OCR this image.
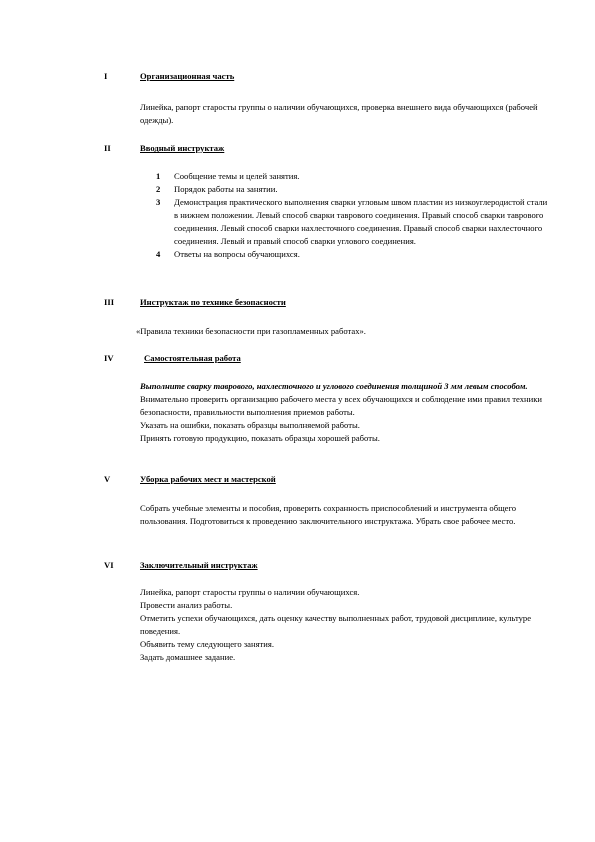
I	Организационная часть

Линейка, рапорт старосты группы о наличии обучающихся, проверка внешнего вида обучающихся (рабочей одежды).

II	Вводный инструктаж
1 Сообщение темы и целей занятия.
2 Порядок работы на занятии.
3 Демонстрация практического выполнения сварки угловым швом пластин из низкоуглеродистой стали в нижнем положении. Левый способ сварки таврового соединения. Правый способ сварки таврового соединения. Левый способ сварки нахлесточного соединения. Правый способ сварки нахлесточного соединения. Левый и правый способ сварки углового соединения.
4 Ответы на вопросы обучающихся.
III	Инструктаж по технике безопасности
«Правила техники безопасности при газопламенных работах».
IV	Самостоятельная работа

Выполните сварку таврового, нахлесточного и углового соединения толщиной 3 мм левым способом.

Внимательно проверить организацию рабочего места у всех обучающихся и соблюдение ими правил техники безопасности, правильности выполнения приемов работы.

Указать на ошибки, показать образцы выполняемой работы.

Принять готовую продукцию, показать образцы хорошей работы.

V	Уборка рабочих мест и мастерской

Собрать учебные элементы и пособия, проверить сохранность приспособлений и инструмента общего пользования. Подготовиться к проведению заключительного инструктажа. Убрать свое рабочее место.

VI	Заключительный инструктаж

Линейка, рапорт старосты группы о наличии обучающихся.

Провести анализ работы.

Отметить успехи обучающихся, дать оценку качеству выполненных работ, трудовой дисциплине, культуре поведения.

Объявить тему следующего занятия.

Задать домашнее задание.
